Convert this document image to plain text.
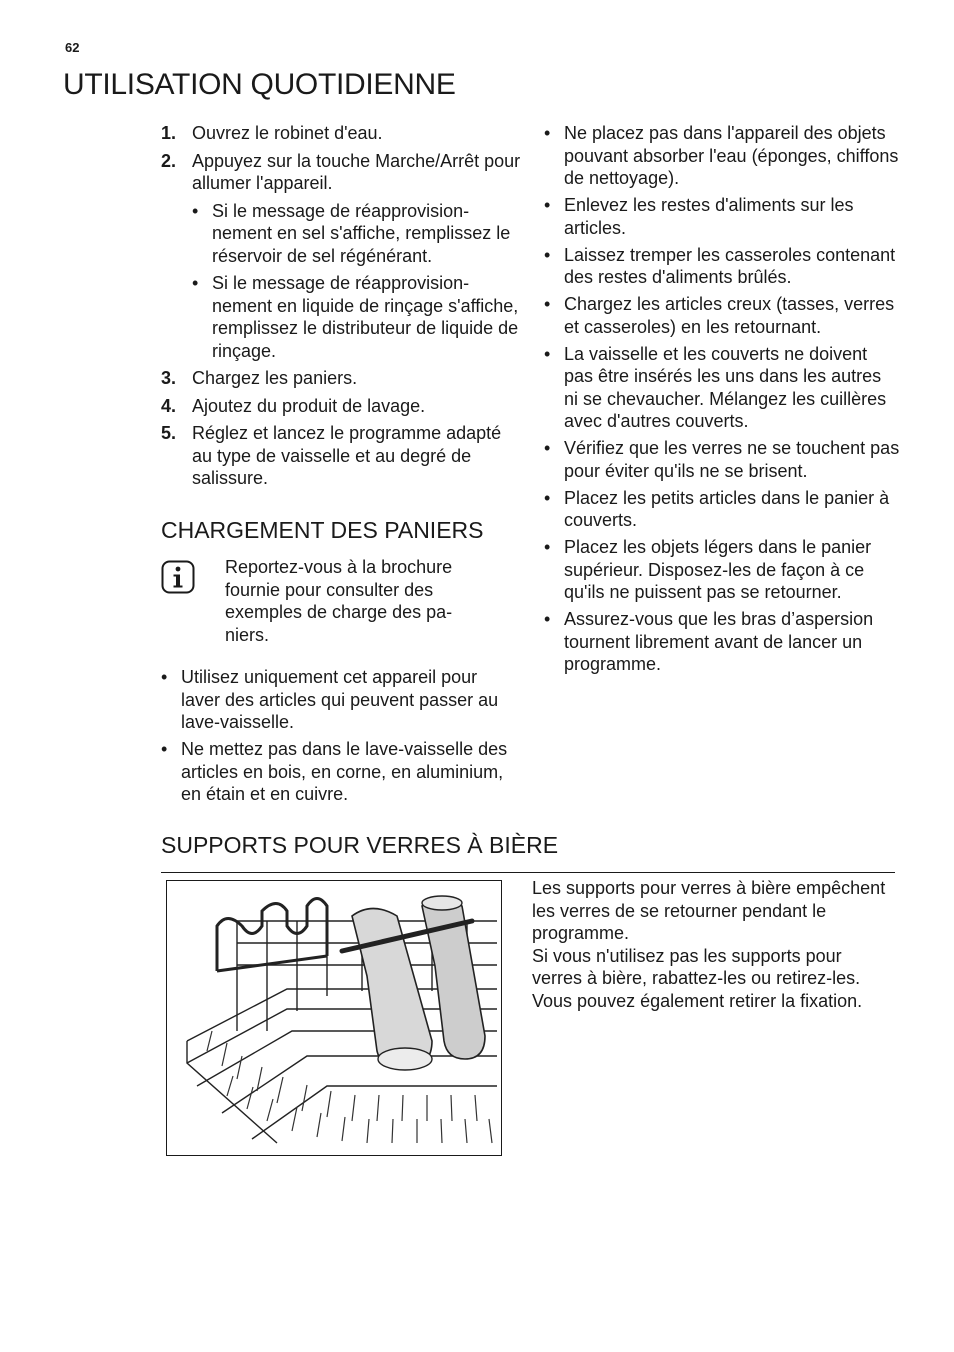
62
UTILISATION QUOTIDIENNE
1. Ouvrez le robinet d'eau.
2. Appuyez sur la touche Marche/Arrêt pour allumer l'appareil.
• Si le message de réapprovisionnement en sel s'affiche, remplissez le réservoir de sel régénérant.
• Si le message de réapprovisionnement en liquide de rinçage s'affiche, remplissez le distributeur de liquide de rinçage.
3. Chargez les paniers.
4. Ajoutez du produit de lavage.
5. Réglez et lancez le programme adapté au type de vaisselle et au degré de salissure.
CHARGEMENT DES PANIERS
Reportez-vous à la brochure fournie pour consulter des exemples de charge des paniers.
• Utilisez uniquement cet appareil pour laver des articles qui peuvent passer au lave-vaisselle.
• Ne mettez pas dans le lave-vaisselle des articles en bois, en corne, en aluminium, en étain et en cuivre.
• Ne placez pas dans l'appareil des objets pouvant absorber l'eau (éponges, chiffons de nettoyage).
• Enlevez les restes d'aliments sur les articles.
• Laissez tremper les casseroles contenant des restes d'aliments brûlés.
• Chargez les articles creux (tasses, verres et casseroles) en les retournant.
• La vaisselle et les couverts ne doivent pas être insérés les uns dans les autres ni se chevaucher. Mélangez les cuillères avec d'autres couverts.
• Vérifiez que les verres ne se touchent pas pour éviter qu'ils ne se brisent.
• Placez les petits articles dans le panier à couverts.
• Placez les objets légers dans le panier supérieur. Disposez-les de façon à ce qu'ils ne puissent pas se retourner.
• Assurez-vous que les bras d’aspersion tournent librement avant de lancer un programme.
SUPPORTS POUR VERRES À BIÈRE
Les supports pour verres à bière empêchent les verres de se retourner pendant le programme.
Si vous n'utilisez pas les supports pour verres à bière, rabattez-les ou retirez-les. Vous pouvez également retirer la fixation.
